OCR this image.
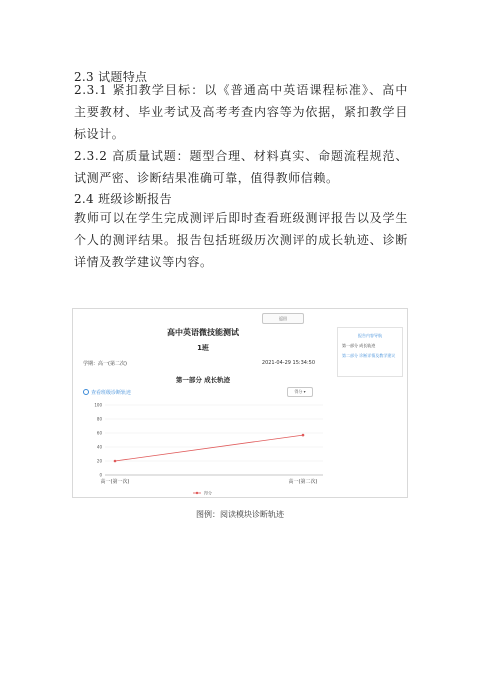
2.3 试题特点

2.3.1 紧扣教学目标：以《普通高中英语课程标准》、高中主要教材、毕业考试及高考考查内容等为依据，紧扣教学目标设计。

2.3.2 高质量试题：题型合理、材料真实、命题流程规范、试测严密、诊断结果准确可靠，值得教师信赖。

2.4 班级诊断报告

教师可以在学生完成测评后即时查看班级测评报告以及学生个人的测评结果。报告包括班级历次测评的成长轨迹、诊断详情及教学建议等内容。

返回
高中英语微技能测试
1班
学期：高一(第二次)	2021-04-29 15:34:50
第一部分 成长轨迹
查看班级诊断轨迹	得分 ▾
0
20
40
60
80
100
高一(第一次)	高一(第二次)
得分
报告内容导航
第一部分 成长轨迹
第二部分 诊断详情及教学建议
图例：阅读模块诊断轨迹
